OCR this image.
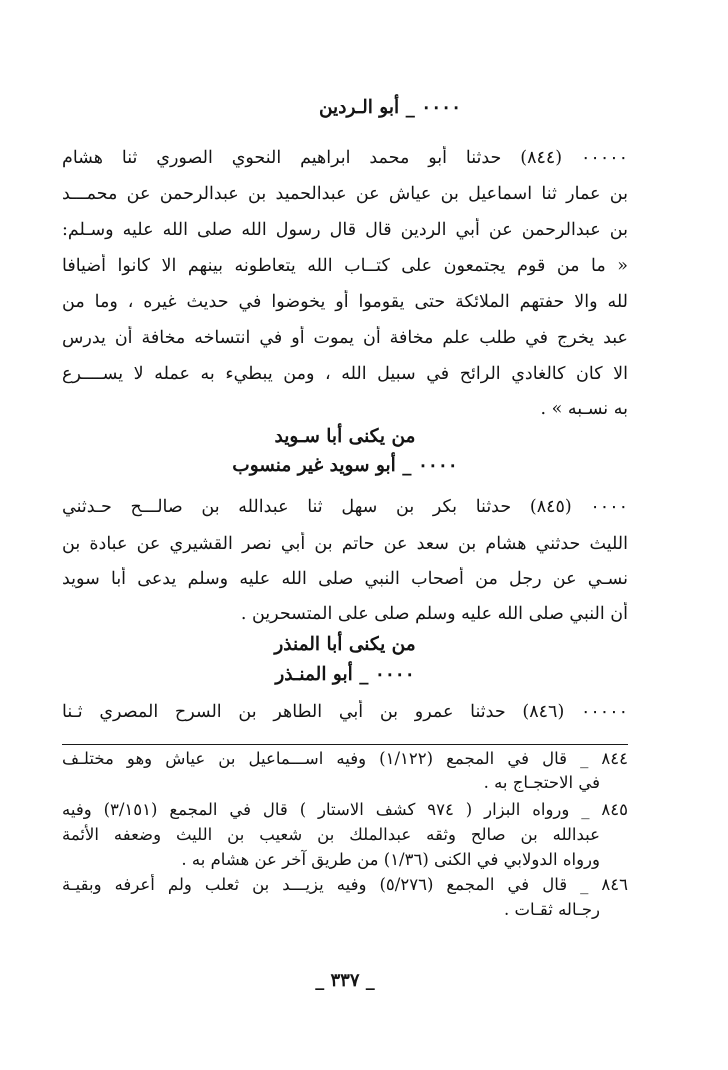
٠٠٠٠ _ أبو الـردين
٠٠٠٠٠ (٨٤٤) حدثنا أبو محمد ابراهيم النحوي الصوري ثنا هشام
بن عمار ثنا اسماعيل بن عياش عن عبدالحميد بن عبدالرحمن عن محمـــد
بن عبدالرحمن عن أبي الردين قال قال رسول الله صلى الله عليه وسـلم:
« ما من قوم يجتمعون على كتــاب الله يتعاطونه بينهم الا كانوا أضيافا
لله والا حفتهم الملائكة حتى يقوموا أو يخوضوا في حديث غيره ، وما من
عبد يخرج في طلب علم مخافة أن يموت أو في انتساخه مخافة أن يدرس
الا كان كالغادي الرائح في سبيل الله ، ومن يبطيء به عمله لا يســــرع
به نسـبه » .
من يكنى أبا سـويد
٠٠٠٠ _ أبو سويد غير منسوب
٠٠٠٠ (٨٤٥) حدثنا بكر بن سهل ثنا عبدالله بن صالـــح حـدثني
الليث حدثني هشام بن سعد عن حاتم بن أبي نصر القشيري عن عبادة بن
نسـي عن رجل من أصحاب النبي صلى الله عليه وسلم يدعى أبا سويد
أن النبي صلى الله عليه وسلم صلى على المتسحرين .
من يكنى أبا المنذر
٠٠٠٠ _ أبو المنـذر
٠٠٠٠٠ (٨٤٦) حدثنا عمرو بن أبي الطاهر بن السرح المصري ثـنا
٨٤٤ _ قال في المجمع (١/١٢٢) وفيه اســـماعيل بن عياش وهو مختلـف
في الاحتجـاج به .
٨٤٥ _ ورواه البزار ( ٩٧٤ كشف الاستار ) قال في المجمع (٣/١٥١) وفيه
عبدالله بن صالح وثقه عبدالملك بن شعيب بن الليث وضعفه الأئمة
ورواه الدولابي في الكنى (١/٣٦) من طريق آخر عن هشام به .
٨٤٦ _ قال في المجمع (٥/٢٧٦) وفيه يزيـــد بن ثعلب ولم أعرفه وبقيـة
رجـاله ثقـات .
_ ٣٣٧ _
